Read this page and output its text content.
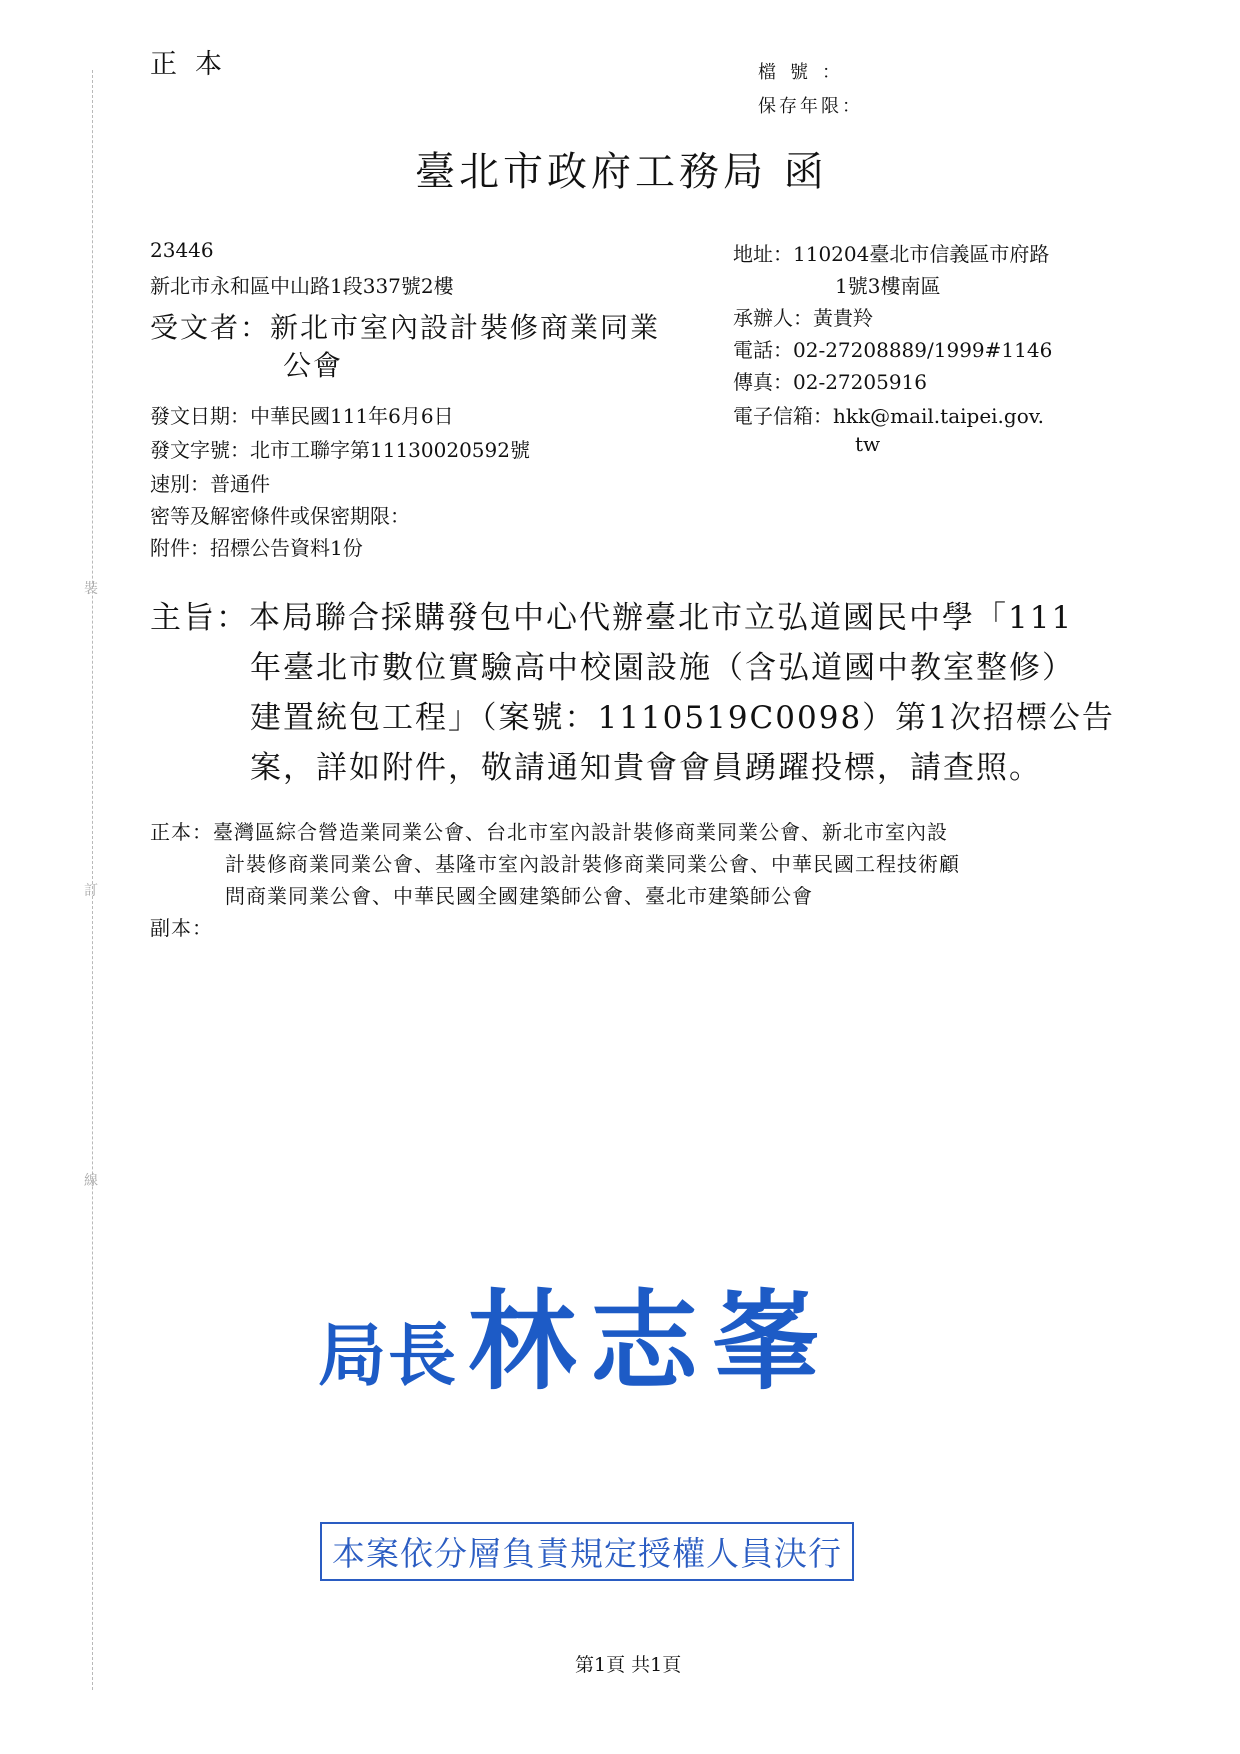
裝
訂
線
正本	檔號：
保存年限：
臺北市政府工務局 函
23446
新北市永和區中山路1段337號2樓
受文者：新北市室內設計裝修商業同業
公會
地址：110204臺北市信義區市府路
1號3樓南區
承辦人：黃貴羚
電話：02-27208889/1999#1146
傳真：02-27205916
電子信箱：hkk@mail.taipei.gov.
tw
發文日期：中華民國111年6月6日
發文字號：北市工聯字第11130020592號
速別：普通件
密等及解密條件或保密期限：
附件：招標公告資料1份
主旨：本局聯合採購發包中心代辦臺北市立弘道國民中學「111
年臺北市數位實驗高中校園設施（含弘道國中教室整修）
建置統包工程」（案號：1110519C0098）第1次招標公告
案，詳如附件，敬請通知貴會會員踴躍投標，請查照。
正本：臺灣區綜合營造業同業公會、台北市室內設計裝修商業同業公會、新北市室內設
計裝修商業同業公會、基隆市室內設計裝修商業同業公會、中華民國工程技術顧
問商業同業公會、中華民國全國建築師公會、臺北市建築師公會
副本：
局長林志峯
本案依分層負責規定授權人員決行
第1頁 共1頁
